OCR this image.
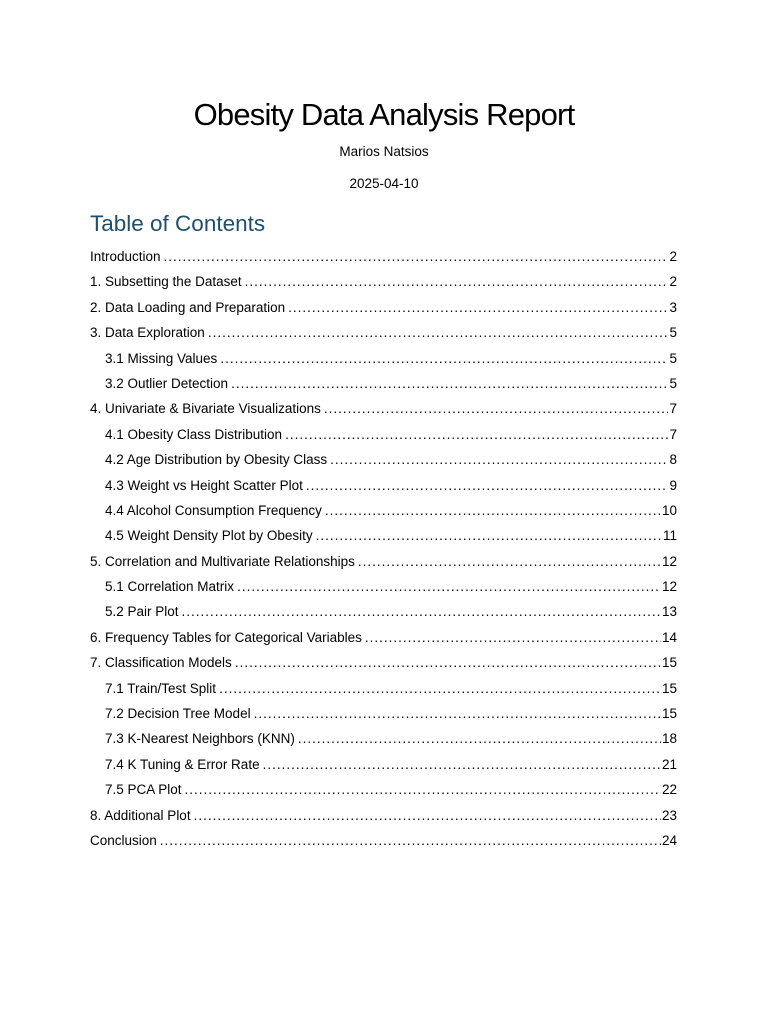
Obesity Data Analysis Report
Marios Natsios
2025-04-10
Table of Contents
Introduction .....	2
1. Subsetting the Dataset .....	2
2. Data Loading and Preparation .....	3
3. Data Exploration .....	5
3.1 Missing Values .....	5
3.2 Outlier Detection .....	5
4. Univariate & Bivariate Visualizations .....	7
4.1 Obesity Class Distribution .....	7
4.2 Age Distribution by Obesity Class .....	8
4.3 Weight vs Height Scatter Plot .....	9
4.4 Alcohol Consumption Frequency .....	10
4.5 Weight Density Plot by Obesity .....	11
5. Correlation and Multivariate Relationships .....	12
5.1 Correlation Matrix .....	12
5.2 Pair Plot .....	13
6. Frequency Tables for Categorical Variables .....	14
7. Classification Models .....	15
7.1 Train/Test Split .....	15
7.2 Decision Tree Model .....	15
7.3 K-Nearest Neighbors (KNN) .....	18
7.4 K Tuning & Error Rate .....	21
7.5 PCA Plot .....	22
8. Additional Plot .....	23
Conclusion .....	24
